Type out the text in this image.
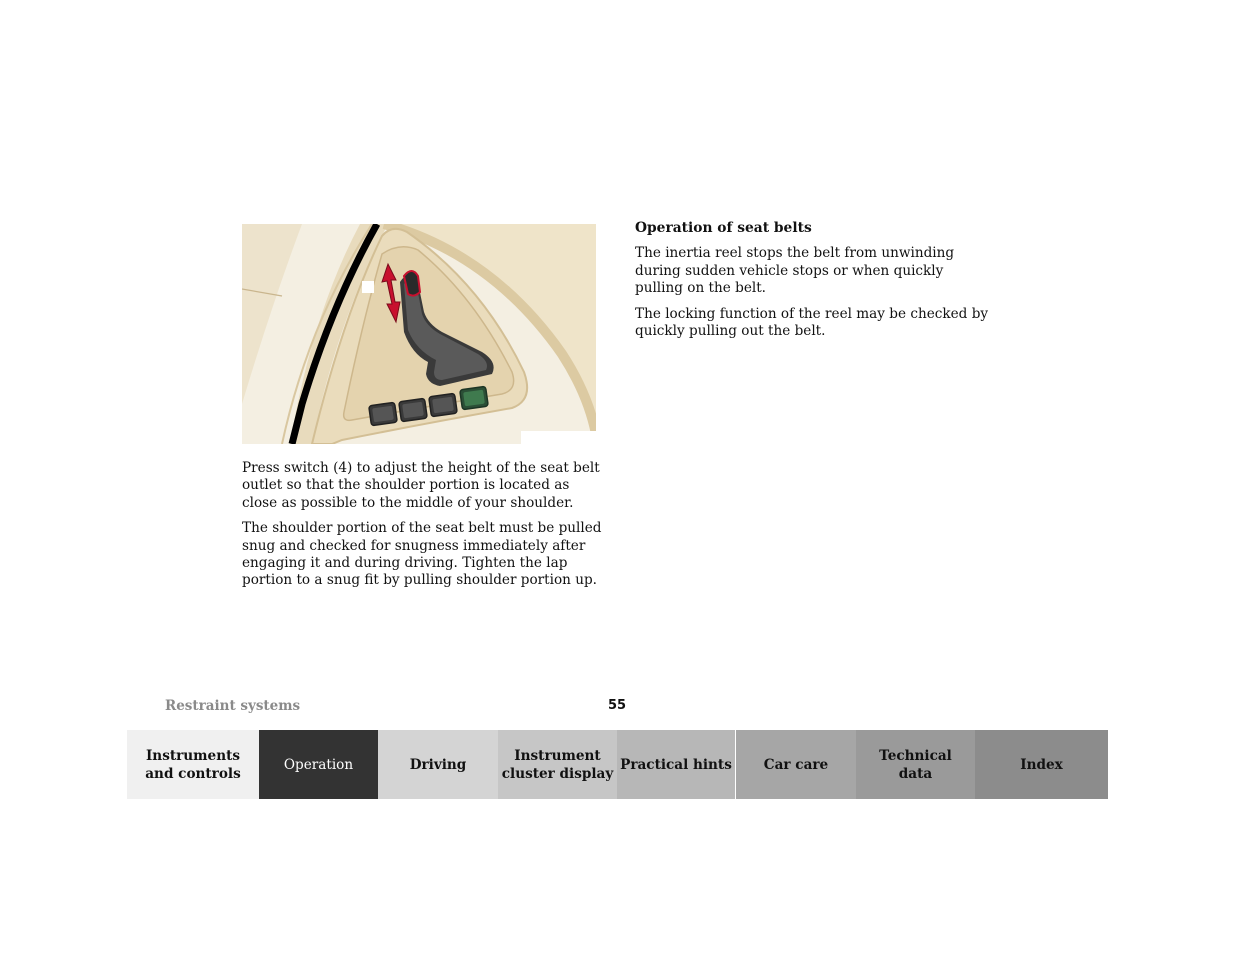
Press switch (4) to adjust the height of the seat belt outlet so that the shoulder portion is located as close as possible to the middle of your shoulder.

The shoulder portion of the seat belt must be pulled snug and checked for snugness immediately after engaging it and during driving. Tighten the lap portion to a snug fit by pulling shoulder portion up.

Operation of seat belts

The inertia reel stops the belt from unwinding during sudden vehicle stops or when quickly pulling on the belt.

The locking function of the reel may be checked by quickly pulling out the belt.

Restraint systems	55
Instruments
and controls
Operation	Driving
Instrument
cluster display
Practical hints	Car care
Technical
data
Index
